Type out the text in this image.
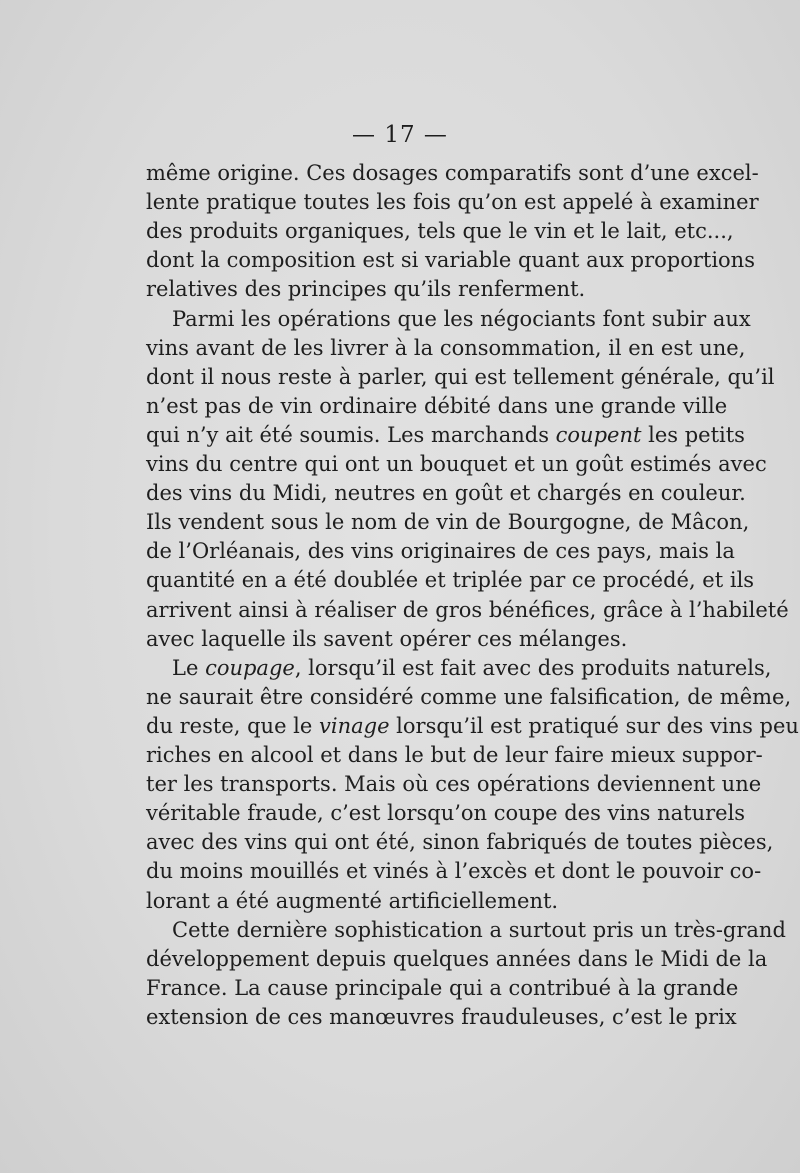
— 17 —
même origine. Ces dosages comparatifs sont d’une excel-
lente pratique toutes les fois qu’on est appelé à examiner
des produits organiques, tels que le vin et le lait, etc...,
dont la composition est si variable quant aux proportions
relatives des principes qu’ils renferment.
Parmi les opérations que les négociants font subir aux
vins avant de les livrer à la consommation, il en est une,
dont il nous reste à parler, qui est tellement générale, qu’il
n’est pas de vin ordinaire débité dans une grande ville
qui n’y ait été soumis. Les marchands coupent les petits
vins du centre qui ont un bouquet et un goût estimés avec
des vins du Midi, neutres en goût et chargés en couleur.
Ils vendent sous le nom de vin de Bourgogne, de Mâcon,
de l’Orléanais, des vins originaires de ces pays, mais la
quantité en a été doublée et triplée par ce procédé, et ils
arrivent ainsi à réaliser de gros bénéfices, grâce à l’habileté
avec laquelle ils savent opérer ces mélanges.
Le coupage, lorsqu’il est fait avec des produits naturels,
ne saurait être considéré comme une falsification, de même,
du reste, que le vinage lorsqu’il est pratiqué sur des vins peu
riches en alcool et dans le but de leur faire mieux suppor-
ter les transports. Mais où ces opérations deviennent une
véritable fraude, c’est lorsqu’on coupe des vins naturels
avec des vins qui ont été, sinon fabriqués de toutes pièces,
du moins mouillés et vinés à l’excès et dont le pouvoir co-
lorant a été augmenté artificiellement.
Cette dernière sophistication a surtout pris un très-grand
développement depuis quelques années dans le Midi de la
France. La cause principale qui a contribué à la grande
extension de ces manœuvres frauduleuses, c’est le prix
